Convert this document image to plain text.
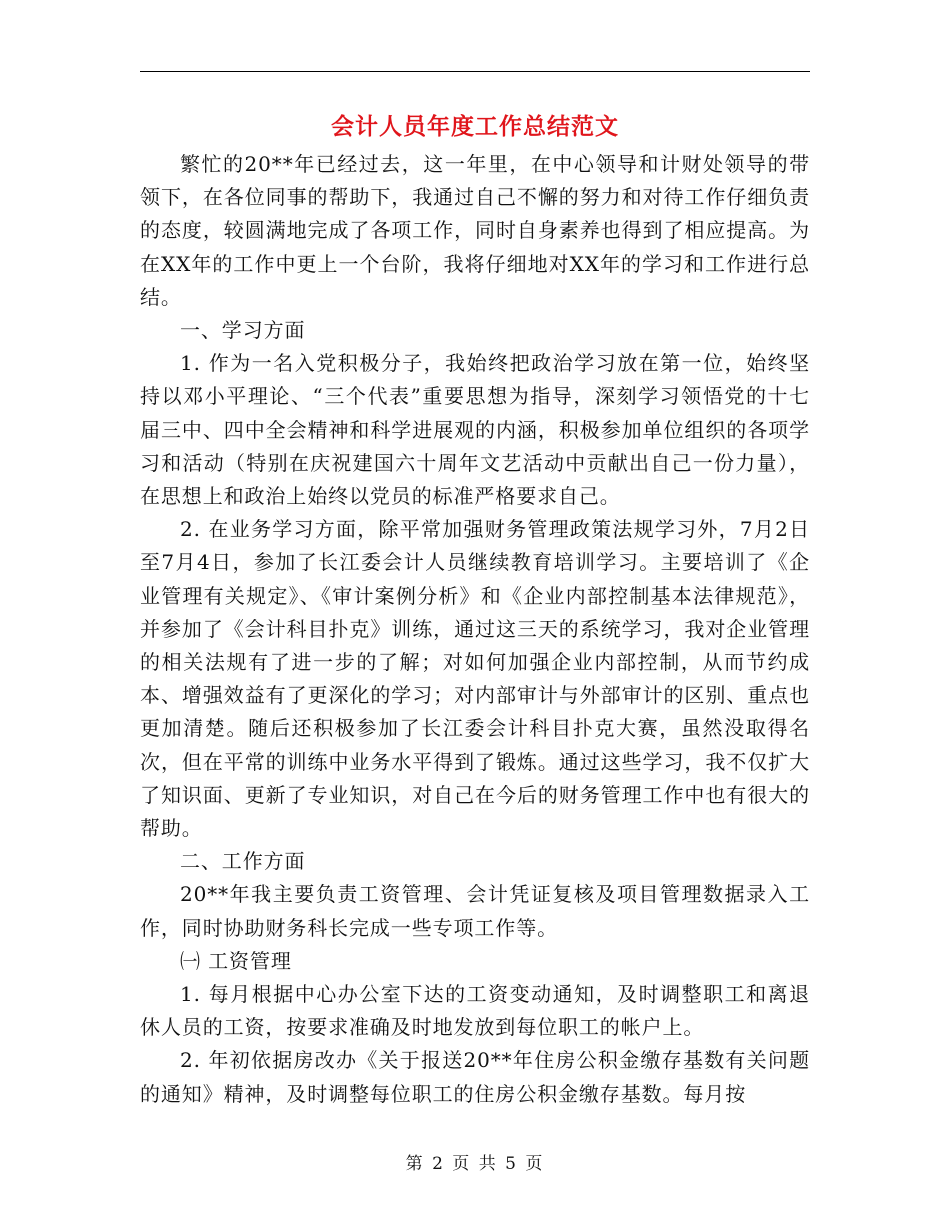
会计人员年度工作总结范文

繁忙的20**年已经过去，这一年里，在中心领导和计财处领导的带领下，在各位同事的帮助下，我通过自己不懈的努力和对待工作仔细负责的态度，较圆满地完成了各项工作，同时自身素养也得到了相应提高。为在XX年的工作中更上一个台阶，我将仔细地对XX年的学习和工作进行总结。

一、学习方面

1. 作为一名入党积极分子，我始终把政治学习放在第一位，始终坚持以邓小平理论、“三个代表”重要思想为指导，深刻学习领悟党的十七届三中、四中全会精神和科学进展观的内涵，积极参加单位组织的各项学习和活动（特别在庆祝建国六十周年文艺活动中贡献出自己一份力量），在思想上和政治上始终以党员的标准严格要求自己。

2. 在业务学习方面，除平常加强财务管理政策法规学习外，7月2日至7月4日，参加了长江委会计人员继续教育培训学习。主要培训了《企业管理有关规定》、《审计案例分析》和《企业内部控制基本法律规范》，并参加了《会计科目扑克》训练，通过这三天的系统学习，我对企业管理的相关法规有了进一步的了解；对如何加强企业内部控制，从而节约成本、增强效益有了更深化的学习；对内部审计与外部审计的区别、重点也更加清楚。随后还积极参加了长江委会计科目扑克大赛，虽然没取得名次，但在平常的训练中业务水平得到了锻炼。通过这些学习，我不仅扩大了知识面、更新了专业知识，对自己在今后的财务管理工作中也有很大的帮助。

二、工作方面

20**年我主要负责工资管理、会计凭证复核及项目管理数据录入工作，同时协助财务科长完成一些专项工作等。

㈠ 工资管理

1. 每月根据中心办公室下达的工资变动通知，及时调整职工和离退休人员的工资，按要求准确及时地发放到每位职工的帐户上。

2. 年初依据房改办《关于报送20**年住房公积金缴存基数有关问题的通知》精神，及时调整每位职工的住房公积金缴存基数。每月按

第 2 页 共 5 页
